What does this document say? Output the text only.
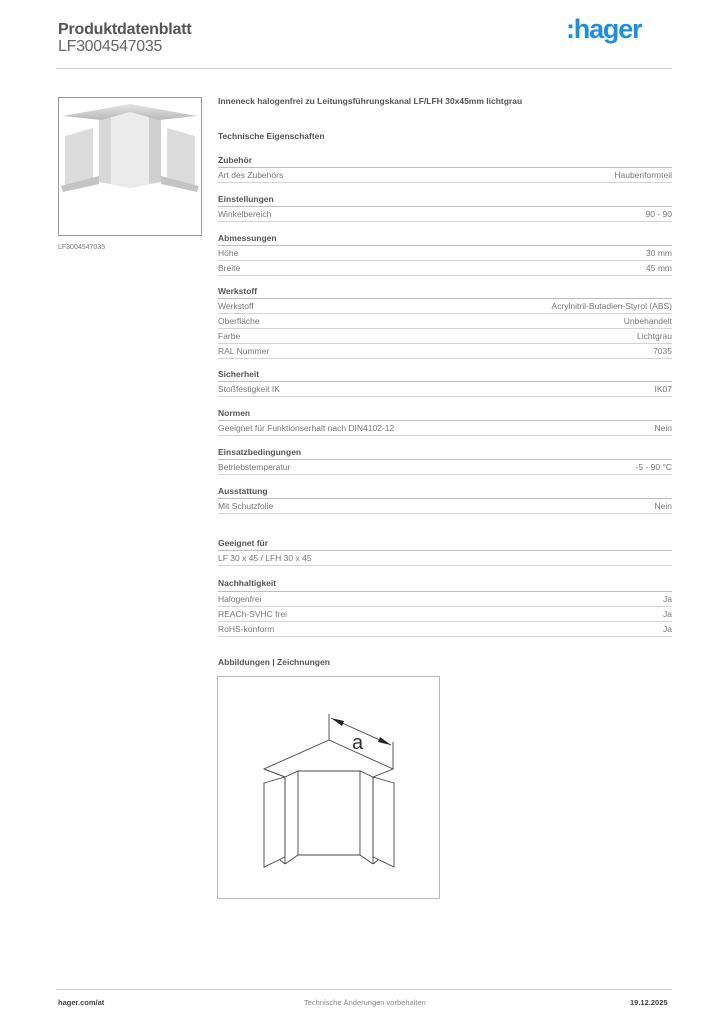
Produktdatenblatt
LF3004547035
:hager
LF3004547035
Inneneck halogenfrei zu Leitungsführungskanal LF/LFH 30x45mm lichtgrau
Technische Eigenschaften
Zubehör
Art des Zubehörs	Haubenformteil
Einstellungen
Winkelbereich	90 - 90
Abmessungen
Höhe	30 mm
Breite	45 mm
Werkstoff
Werkstoff	Acrylnitril-Butadien-Styrol (ABS)
Oberfläche	Unbehandelt
Farbe	Lichtgrau
RAL Nummer	7035
Sicherheit
Stoßfestigkeit IK	IK07
Normen
Geeignet für Funktionserhalt nach DIN4102-12	Nein
Einsatzbedingungen
Betriebstemperatur	-5 - 90 °C
Ausstattung
Mit Schutzfolie	Nein
Geeignet für
LF 30 x 45 / LFH 30 x 45
Nachhaltigkeit
Halogenfrei	Ja
REACh-SVHC frei	Ja
RoHS-konform	Ja
Abbildungen | Zeichnungen
a
hager.com/at	Technische Änderungen vorbehalten	19.12.2025
